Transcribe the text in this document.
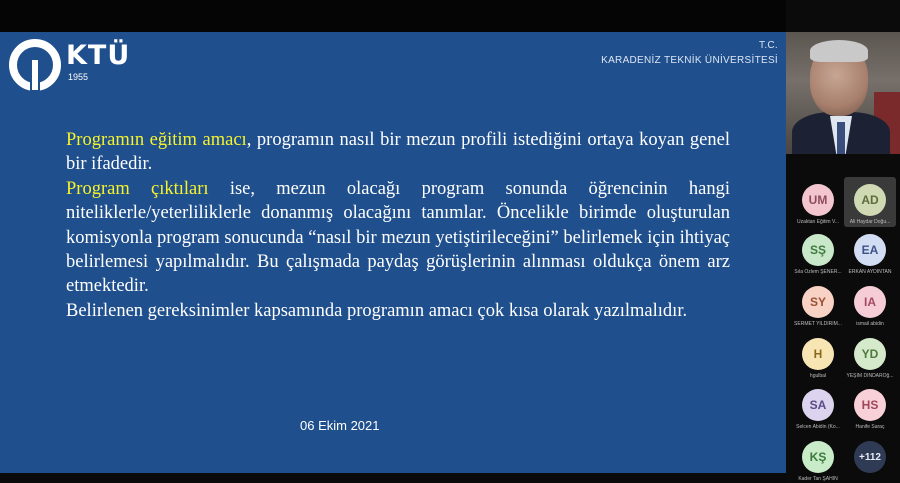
KTÜ
1955
T.C.
KARADENİZ TEKNİK ÜNİVERSİTESİ

Programın eğitim amacı, programın nasıl bir mezun profili istediğini ortaya koyan genel bir ifadedir.

Program çıktıları ise, mezun olacağı program sonunda öğrencinin hangi niteliklerle/yeterliliklerle donanmış olacağını tanımlar. Öncelikle birimde oluşturulan komisyonla program sonucunda “nasıl bir mezun yetiştirileceğini” belirlemek için ihtiyaç belirlemesi yapılmalıdır. Bu çalışmada paydaş görüşlerinin alınması oldukça önem arz etmektedir.

Belirlenen gereksinimler kapsamında programın amacı çok kısa olarak yazılmalıdır.

06 Ekim 2021
UM
Uzaktan Eğitim V...
AD
Ali Haydar Doğu...
SŞ
Sıla Özlem ŞENER...
EA
ERKAN AYDINTAN
SY
SERMET YILDIRIM...
IA
ismail abidin
H
hgulbal
YD
YEŞİM DİNDAROğ...
SA
Selcen Abidin (Ko...
HS
Hanife Saraç
KŞ
Kader Tan ŞAHİN
+112
